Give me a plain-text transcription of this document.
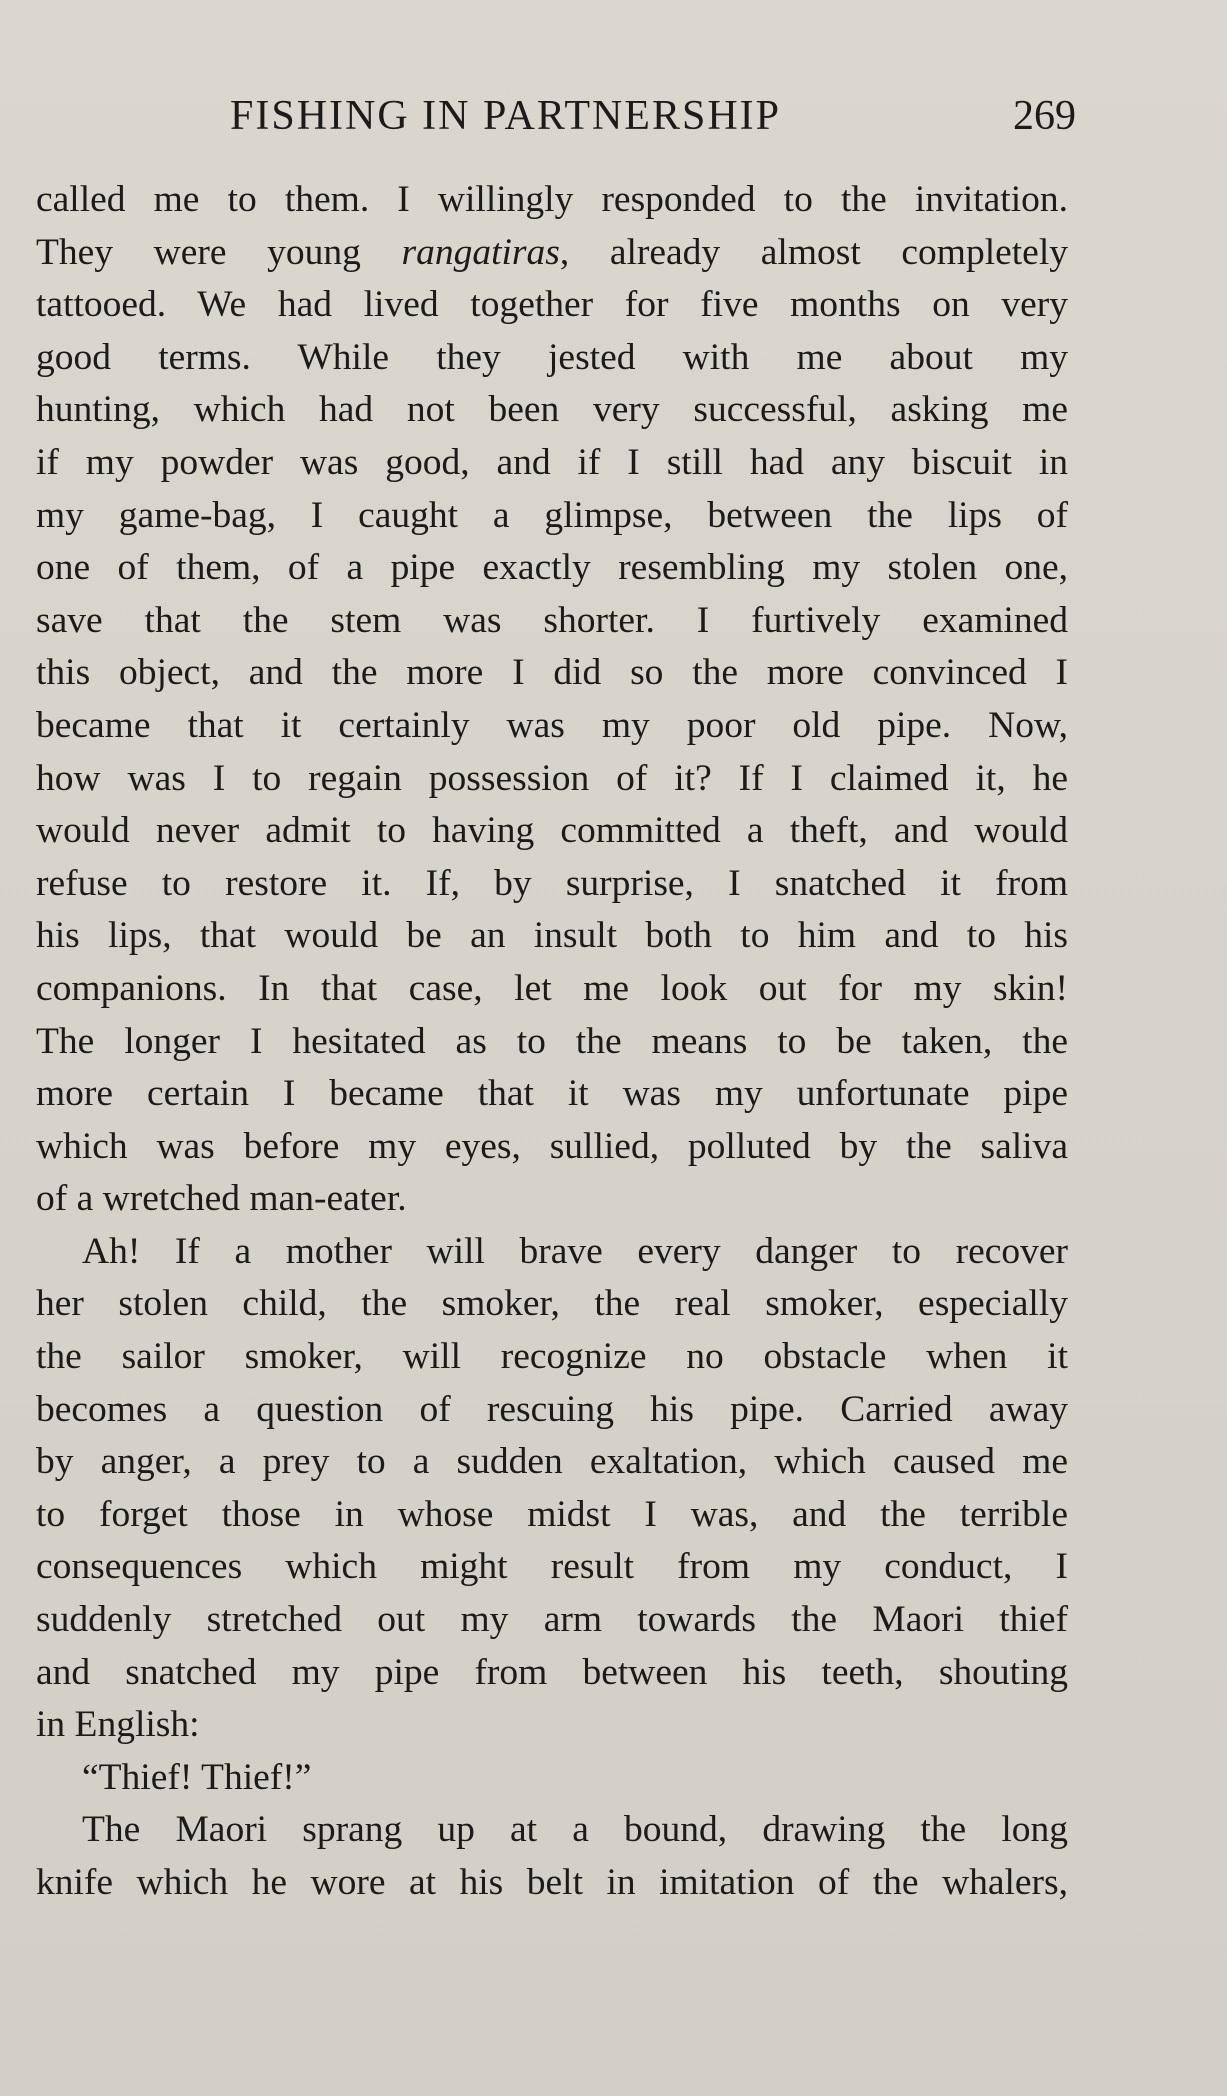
FISHING IN PARTNERSHIP	269
called me to them. I willingly responded to the invitation.
They were young rangatiras, already almost completely
tattooed. We had lived together for five months on very
good terms. While they jested with me about my
hunting, which had not been very successful, asking me
if my powder was good, and if I still had any biscuit in
my game-bag, I caught a glimpse, between the lips of
one of them, of a pipe exactly resembling my stolen one,
save that the stem was shorter. I furtively examined
this object, and the more I did so the more convinced I
became that it certainly was my poor old pipe. Now,
how was I to regain possession of it? If I claimed it, he
would never admit to having committed a theft, and would
refuse to restore it. If, by surprise, I snatched it from
his lips, that would be an insult both to him and to his
companions. In that case, let me look out for my skin!
The longer I hesitated as to the means to be taken, the
more certain I became that it was my unfortunate pipe
which was before my eyes, sullied, polluted by the saliva
of a wretched man-eater.
Ah! If a mother will brave every danger to recover
her stolen child, the smoker, the real smoker, especially
the sailor smoker, will recognize no obstacle when it
becomes a question of rescuing his pipe. Carried away
by anger, a prey to a sudden exaltation, which caused me
to forget those in whose midst I was, and the terrible
consequences which might result from my conduct, I
suddenly stretched out my arm towards the Maori thief
and snatched my pipe from between his teeth, shouting
in English:
“Thief! Thief!”
The Maori sprang up at a bound, drawing the long
knife which he wore at his belt in imitation of the whalers,
